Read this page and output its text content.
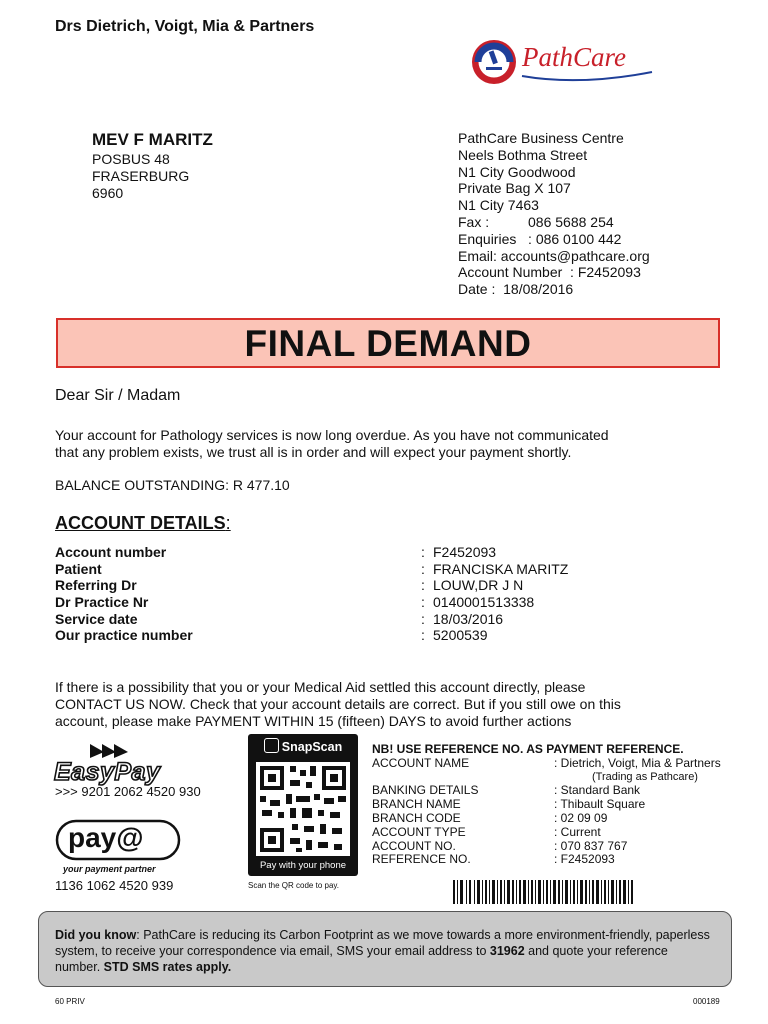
Drs Dietrich, Voigt, Mia & Partners
PathCare
MEV F MARITZ
POSBUS 48
FRASERBURG
6960
PathCare Business Centre
Neels Bothma Street
N1 City Goodwood
Private Bag X 107
N1 City 7463
Fax :          086 5688 254
Enquiries   : 086 0100 442
Email: accounts@pathcare.org
Account Number  : F2452093
Date :  18/08/2016
FINAL DEMAND
Dear Sir / Madam
Your account for Pathology services is now long overdue. As you have not communicated
that any problem exists, we trust all is in order and will expect your payment shortly.
BALANCE OUTSTANDING: R 477.10
ACCOUNT DETAILS:
Account number	: F2452093
Patient	: FRANCISKA MARITZ
Referring Dr	: LOUW,DR J N
Dr Practice Nr	: 0140001513338
Service date	: 18/03/2016
Our practice number	: 5200539
If there is a possibility that you or your Medical Aid settled this account directly, please
CONTACT US NOW. Check that your account details are correct. But if you still owe on this
account, please make PAYMENT WITHIN 15 (fifteen) DAYS to avoid further actions
EasyPay
>>> 9201 2062 4520 930
pay@
your payment partner
1136 1062 4520 939
SnapScan
Pay with your phone
Scan the QR code to pay.
NB! USE REFERENCE NO. AS PAYMENT REFERENCE.
ACCOUNT NAME	: Dietrich, Voigt, Mia & Partners
(Trading as Pathcare)
BANKING DETAILS	: Standard Bank
BRANCH NAME	: Thibault Square
BRANCH CODE	: 02 09 09
ACCOUNT TYPE	: Current
ACCOUNT NO.	: 070 837 767
REFERENCE NO.	: F2452093
Did you know: PathCare is reducing its Carbon Footprint as we move towards a more environment-friendly, paperless system, to receive your correspondence via email, SMS your email address to 31962 and quote your reference number. STD SMS rates apply.
60 PRIV	000189
